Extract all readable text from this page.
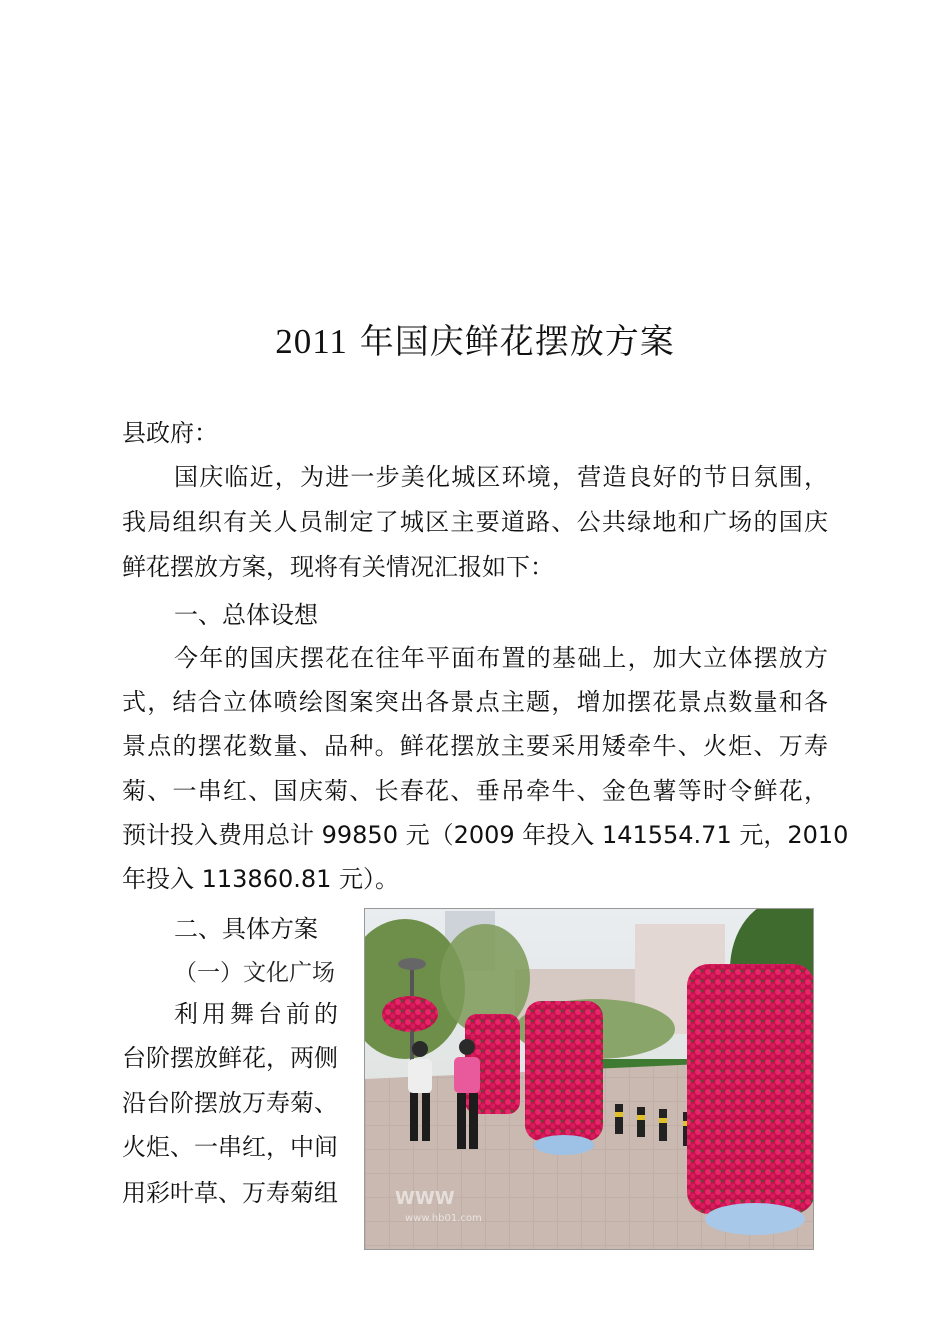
2011 年国庆鲜花摆放方案
县政府：
国庆临近，为进一步美化城区环境，营造良好的节日氛围，
我局组织有关人员制定了城区主要道路、公共绿地和广场的国庆
鲜花摆放方案，现将有关情况汇报如下：
一、总体设想
今年的国庆摆花在往年平面布置的基础上，加大立体摆放方
式，结合立体喷绘图案突出各景点主题，增加摆花景点数量和各
景点的摆花数量、品种。鲜花摆放主要采用矮牵牛、火炬、万寿
菊、一串红、国庆菊、长春花、垂吊牵牛、金色薯等时令鲜花，
预计投入费用总计 99850 元（2009 年投入 141554.71 元，2010
年投入 113860.81 元）。
二、具体方案
（一）文化广场
利用舞台前的
台阶摆放鲜花，两侧
沿台阶摆放万寿菊、
火炬、一串红，中间
用彩叶草、万寿菊组	WWW
www.hb01.com
